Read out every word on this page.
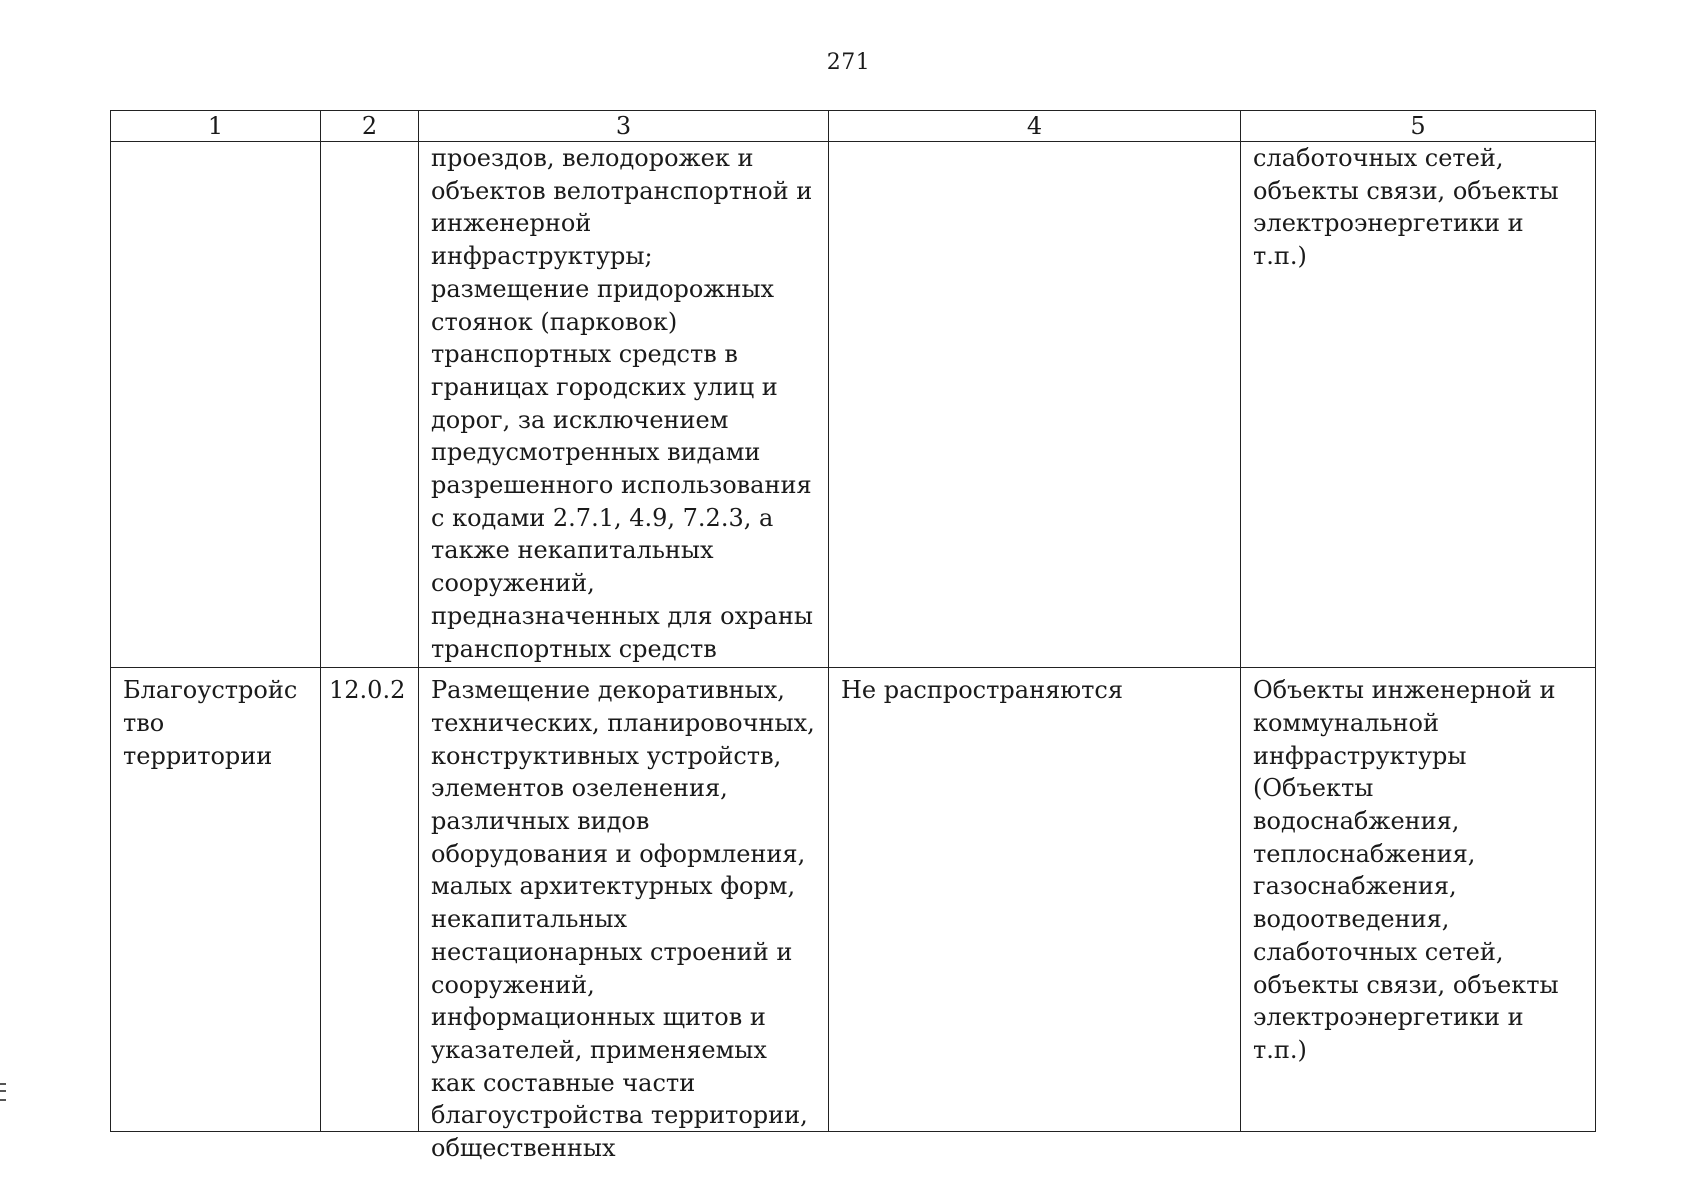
271
1	2	3	4	5
		проездов, велодорожек и объектов велотранспортной и инженерной инфраструктуры; размещение придорожных стоянок (парковок) транспортных средств в границах городских улиц и дорог, за исключением предусмотренных видами разрешенного использования с кодами 2.7.1, 4.9, 7.2.3, а также некапитальных сооружений, предназначенных для охраны транспортных средств		слаботочных сетей, объекты связи, объекты электроэнергетики и т.п.)

Благоустройство территории	12.0.2	Размещение декоративных, технических, планировочных, конструктивных устройств, элементов озеленения, различных видов оборудования и оформления, малых архитектурных форм, некапитальных нестационарных строений и сооружений, информационных щитов и указателей, применяемых как составные части благоустройства территории, общественных	Не распространяются	Объекты инженерной и коммунальной инфраструктуры (Объекты водоснабжения, теплоснабжения, газоснабжения, водоотведения, слаботочных сетей, объекты связи, объекты электроэнергетики и т.п.)
